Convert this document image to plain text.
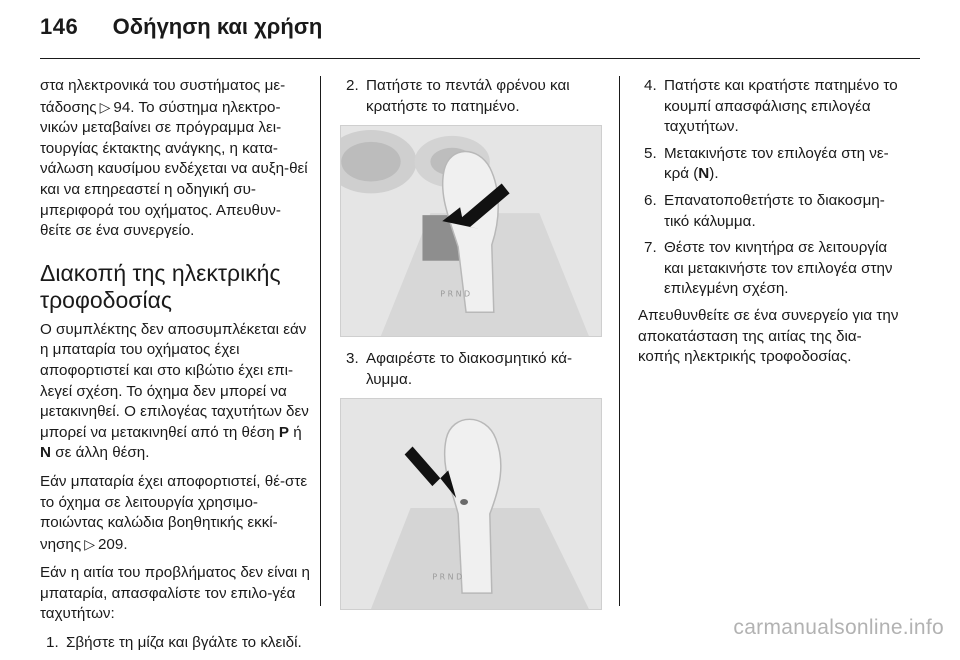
146 Οδήγηση και χρήση

στα ηλεκτρονικά του συστήματος με-τάδοσης ▷ 94. Το σύστημα ηλεκτρο-νικών μεταβαίνει σε πρόγραμμα λει-τουργίας έκτακτης ανάγκης, η κατα-νάλωση καυσίμου ενδέχεται να αυξη-θεί και να επηρεαστεί η οδηγική συ-μπεριφορά του οχήματος. Απευθυν-θείτε σε ένα συνεργείο.

Διακοπή της ηλεκτρικής τροφοδοσίας

Ο συμπλέκτης δεν αποσυμπλέκεται εάν η μπαταρία του οχήματος έχει αποφορτιστεί και στο κιβώτιο έχει επι-λεγεί σχέση. Το όχημα δεν μπορεί να μετακινηθεί. Ο επιλογέας ταχυτήτων δεν μπορεί να μετακινηθεί από τη θέση P ή N σε άλλη θέση.

Εάν μπαταρία έχει αποφορτιστεί, θέ-στε το όχημα σε λειτουργία χρησιμο-ποιώντας καλώδια βοηθητικής εκκί-νησης ▷ 209.

Εάν η αιτία του προβλήματος δεν είναι η μπαταρία, απασφαλίστε τον επιλο-γέα ταχυτήτων:

1. Σβήστε τη μίζα και βγάλτε το κλειδί.
2. Πατήστε το πεντάλ φρένου και κρατήστε το πατημένο.
P R N D
3. Αφαιρέστε το διακοσμητικό κά-λυμμα.
P R N D
4. Πατήστε και κρατήστε πατημένο το κουμπί απασφάλισης επιλογέα ταχυτήτων.
5. Μετακινήστε τον επιλογέα στη νε-κρά (N).
6. Επανατοποθετήστε το διακοσμη-τικό κάλυμμα.
7. Θέστε τον κινητήρα σε λειτουργία και μετακινήστε τον επιλογέα στην επιλεγμένη σχέση.

Απευθυνθείτε σε ένα συνεργείο για την αποκατάσταση της αιτίας της δια-κοπής ηλεκτρικής τροφοδοσίας.

carmanualsonline.info
